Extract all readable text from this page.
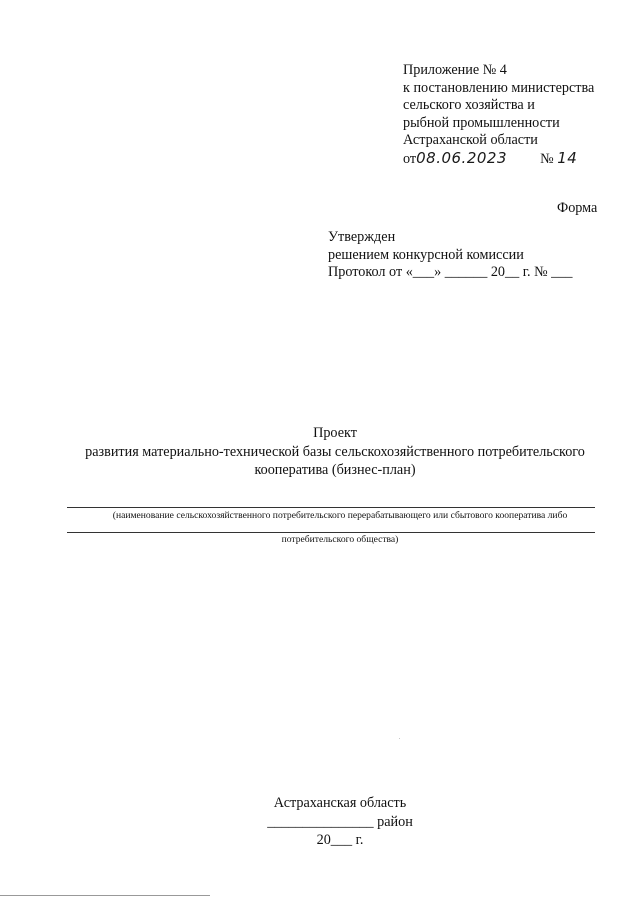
Приложение № 4
к постановлению министерства
сельского хозяйства и
рыбной промышленности
Астраханской области
от08.06.2023 № 14
Форма
Утвержден
решением конкурсной комиссии
Протокол от «___» ______ 20__ г. № ___
Проект
развития материально-технической базы сельскохозяйственного потребительского
кооператива (бизнес-план)
(наименование сельскохозяйственного потребительского перерабатывающего или сбытового кооператива либо
потребительского общества)
Астраханская область
_______________ район
20___ г.
